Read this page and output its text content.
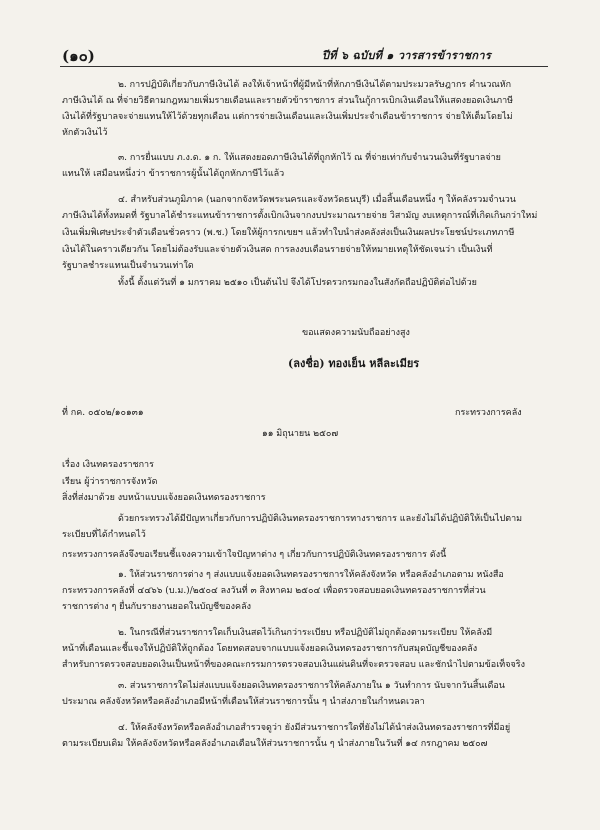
(๑๐)	ปีที่ ๖ ฉบับที่ ๑ วารสารข้าราชการ
๒. การปฏิบัติเกี่ยวกับภาษีเงินได้ ลงให้เจ้าหน้าที่ผู้มีหน้าที่หักภาษีเงินได้ตามประมวลรัษฎากร คำนวณหัก
ภาษีเงินได้ ณ ที่จ่ายวิธีตามกฎหมายเพิ่มรายเดือนและรายตัวข้าราชการ ส่วนในกู้การเบิกเงินเดือนให้แสดงยอดเงินภาษี
เงินได้ที่รัฐบาลจะจ่ายแทนให้ไว้ด้วยทุกเดือน แต่การจ่ายเงินเดือนและเงินเพิ่มประจำเดือนข้าราชการ จ่ายให้เต็มโดยไม่
หักตัวเงินไว้
๓. การยื่นแบบ ภ.ง.ด. ๑ ก. ให้แสดงยอดภาษีเงินได้ที่ถูกหักไว้ ณ ที่จ่ายเท่ากับจำนวนเงินที่รัฐบาลจ่าย
แทนให้ เสมือนหนึ่งว่า ข้าราชการผู้นั้นได้ถูกหักภาษีไว้แล้ว
๔. สำหรับส่วนภูมิภาค (นอกจากจังหวัดพระนครและจังหวัดธนบุรี) เมื่อสิ้นเดือนหนึ่ง ๆ ให้คลังรวมจำนวน
ภาษีเงินได้ทั้งหมดที่ รัฐบาลได้ชำระแทนข้าราชการตั้งเบิกเงินจากงบประมาณรายจ่าย วิสามัญ งบเหตุการณ์ที่เกิดเกินกว่าใหม่
เงินเพิ่มพิเศษประจำตัวเดือนชั่วคราว (พ.ช.) โดยให้ผู้การกเขยฯ แล้วทำใบนำส่งคลังส่งเป็นเงินผลประโยชน์ประเภทภาษี
เงินได้ในคราวเดียวกัน โดยไม่ต้องรับและจ่ายตัวเงินสด การลงงบเดือนรายจ่ายให้หมายเหตุให้ชัดเจนว่า เป็นเงินที่
รัฐบาลชำระแทนเป็นจำนวนเท่าใด
ทั้งนี้ ตั้งแต่วันที่ ๑ มกราคม ๒๕๑๐ เป็นต้นไป จึงได้โปรดรวกรมกองในสังกัดถือปฏิบัติต่อไปด้วย
ขอแสดงความนับถืออย่างสูง
(ลงชื่อ) ทองเย็น หลีละเมียร
ที่ กค. ๐๕๐๒/๑๐๑๓๑	กระทรวงการคลัง
๑๑ มิถุนายน ๒๕๐๗
เรื่อง เงินทดรองราชการ
เรียน ผู้ว่าราชการจังหวัด
สิ่งที่ส่งมาด้วย งบหน้าแบบแจ้งยอดเงินทดรองราชการ
ด้วยกระทรวงได้มีปัญหาเกี่ยวกับการปฏิบัติเงินทดรองราชการทางราชการ และยังไม่ได้ปฏิบัติให้เป็นไปตาม
ระเบียบที่ได้กำหนดไว้
กระทรวงการคลังจึงขอเรียนชี้แจงความเข้าใจปัญหาต่าง ๆ เกี่ยวกับการปฏิบัติเงินทดรองราชการ ดังนี้
๑. ให้ส่วนราชการต่าง ๆ ส่งแบบแจ้งยอดเงินทดรองราชการให้คลังจังหวัด หรือคลังอำเภอตาม หนังสือ
กระทรวงการคลังที่ ๔๔๖๖ (บ.ม.)/๒๕๐๔ ลงวันที่ ๓ สิงหาคม ๒๕๐๔ เพื่อตรวจสอบยอดเงินทดรองราชการที่ส่วน
ราชการต่าง ๆ ยื่นกับรายงานยอดในบัญชีของคลัง
๒. ในกรณีที่ส่วนราชการใดเก็บเงินสดไว้เกินกว่าระเบียบ หรือปฏิบัติไม่ถูกต้องตามระเบียบ ให้คลังมี
หน้าที่เตือนและชี้แจงให้ปฏิบัติให้ถูกต้อง โดยทดสอบจากแบบแจ้งยอดเงินทดรองราชการกับสมุดบัญชีของคลัง
สำหรับการตรวจสอบยอดเงินเป็นหน้าที่ของคณะกรรมการตรวจสอบเงินแผ่นดินที่จะตรวจสอบ และชักนำไปตามข้อเท็จจริง
๓. ส่วนราชการใดไม่ส่งแบบแจ้งยอดเงินทดรองราชการให้คลังภายใน ๑ วันทำการ นับจากวันสิ้นเดือน
ประมาณ คลังจังหวัดหรือคลังอำเภอมีหน้าที่เตือนให้ส่วนราชการนั้น ๆ นำส่งภายในกำหนดเวลา
๔. ให้คลังจังหวัดหรือคลังอำเภอสำรวจดูว่า ยังมีส่วนราชการใดที่ยังไม่ได้นำส่งเงินทดรองราชการที่มีอยู่
ตามระเบียบเดิม ให้คลังจังหวัดหรือคลังอำเภอเตือนให้ส่วนราชการนั้น ๆ นำส่งภายในวันที่ ๑๔ กรกฎาคม ๒๕๐๗
